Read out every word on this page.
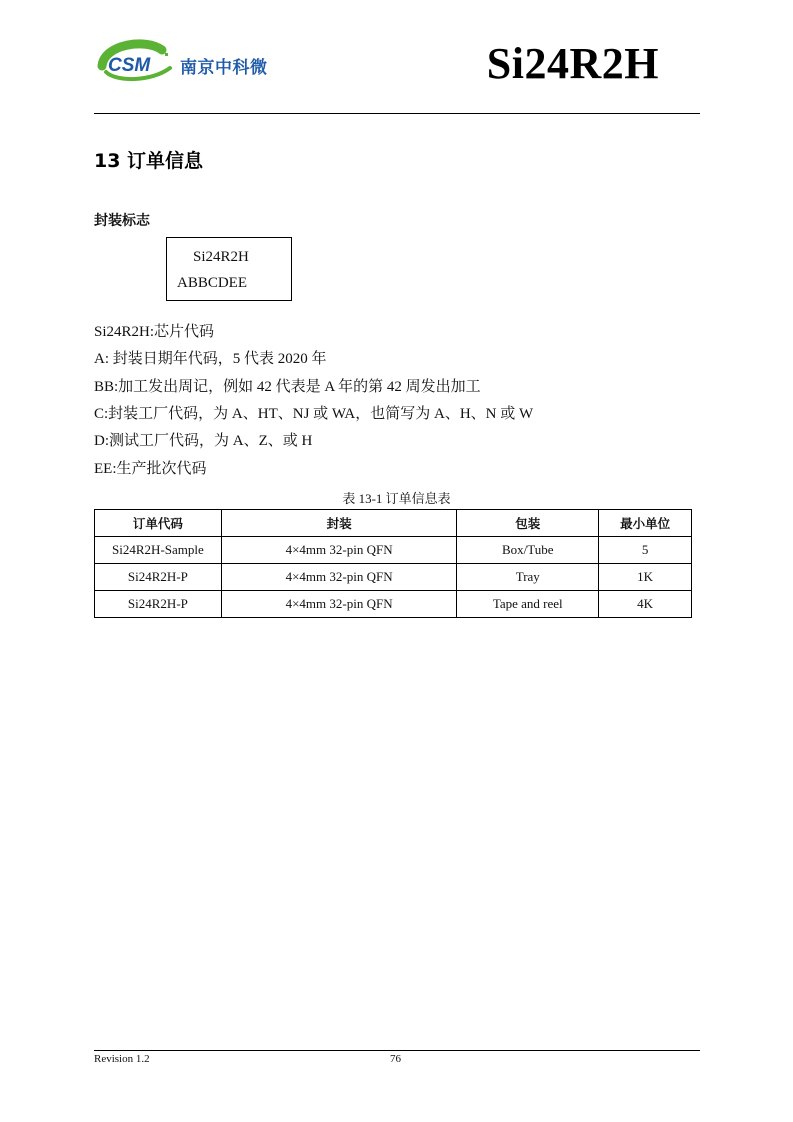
CSM 南京中科微	Si24R2H
13 订单信息
封装标志
Si24R2H
ABBCDEE
Si24R2H:芯片代码
A: 封装日期年代码，5 代表 2020 年
BB:加工发出周记，例如 42 代表是 A 年的第 42 周发出加工
C:封装工厂代码，为 A、HT、NJ 或 WA，也简写为 A、H、N 或 W
D:测试工厂代码，为 A、Z、或 H
EE:生产批次代码
表 13-1 订单信息表
订单代码	封装	包装	最小单位
Si24R2H-Sample	4×4mm 32-pin QFN	Box/Tube	5
Si24R2H-P	4×4mm 32-pin QFN	Tray	1K
Si24R2H-P	4×4mm 32-pin QFN	Tape and reel	4K
Revision 1.2	76
